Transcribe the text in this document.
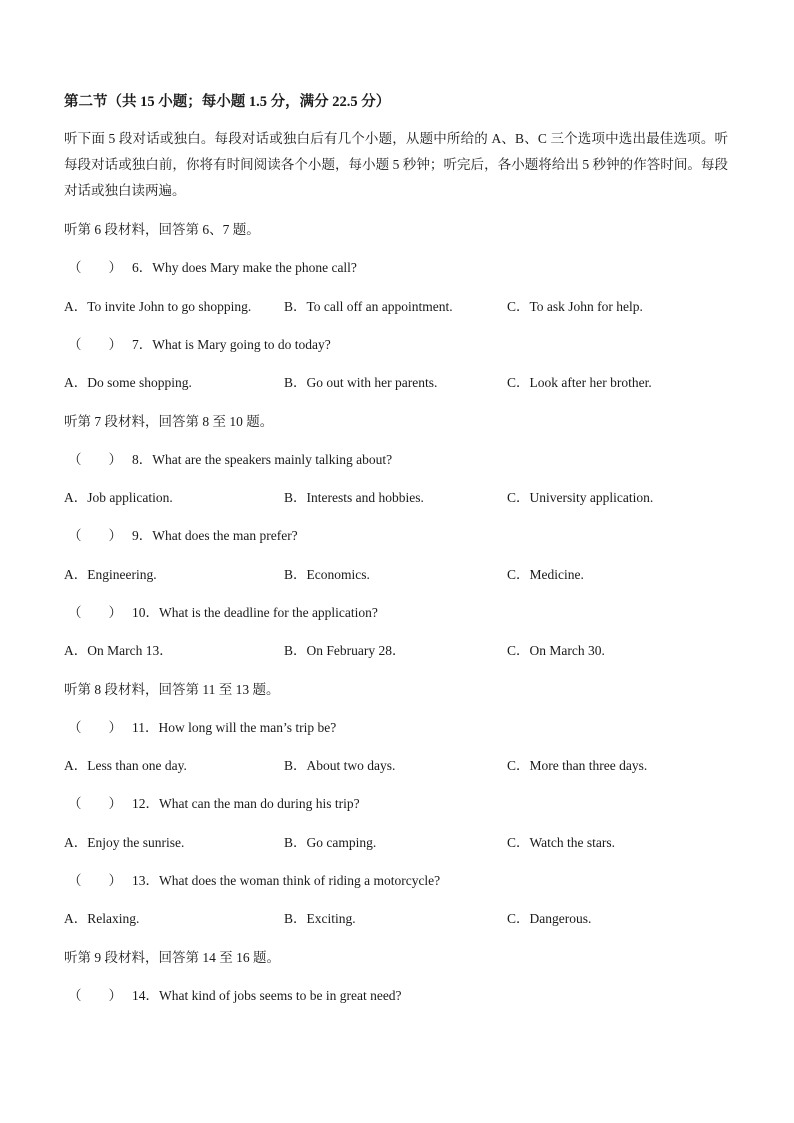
第二节（共 15 小题；每小题 1.5 分，满分 22.5 分）
听下面 5 段对话或独白。每段对话或独白后有几个小题，从题中所给的 A、B、C 三个选项中选出最佳选项。听每段对话或独白前，你将有时间阅读各个小题，每小题 5 秒钟；听完后，各小题将给出 5 秒钟的作答时间。每段对话或独白读两遍。
听第 6 段材料，回答第 6、7 题。
（　　） 6．Why does Mary make the phone call?
A．To invite John to go shopping. B．To call off an appointment.	C．To ask John for help.
（　　） 7．What is Mary going to do today?
A．Do some shopping.	B．Go out with her parents.	C．Look after her brother.
听第 7 段材料，回答第 8 至 10 题。
（　　） 8．What are the speakers mainly talking about?
A．Job application.	B．Interests and hobbies.	C．University application.
（　　） 9．What does the man prefer?
A．Engineering.	B．Economics.	C．Medicine.
（　　） 10．What is the deadline for the application?
A．On March 13．	B．On February 28．	C．On March 30.
听第 8 段材料，回答第 11 至 13 题。
（　　） 11．How long will the man’s trip be?
A．Less than one day.	B．About two days.	C．More than three days.
（　　） 12．What can the man do during his trip?
A．Enjoy the sunrise.	B．Go camping.	C．Watch the stars.
（　　） 13．What does the woman think of riding a motorcycle?
A．Relaxing.	B．Exciting.	C．Dangerous.
听第 9 段材料，回答第 14 至 16 题。
（　　） 14．What kind of jobs seems to be in great need?
